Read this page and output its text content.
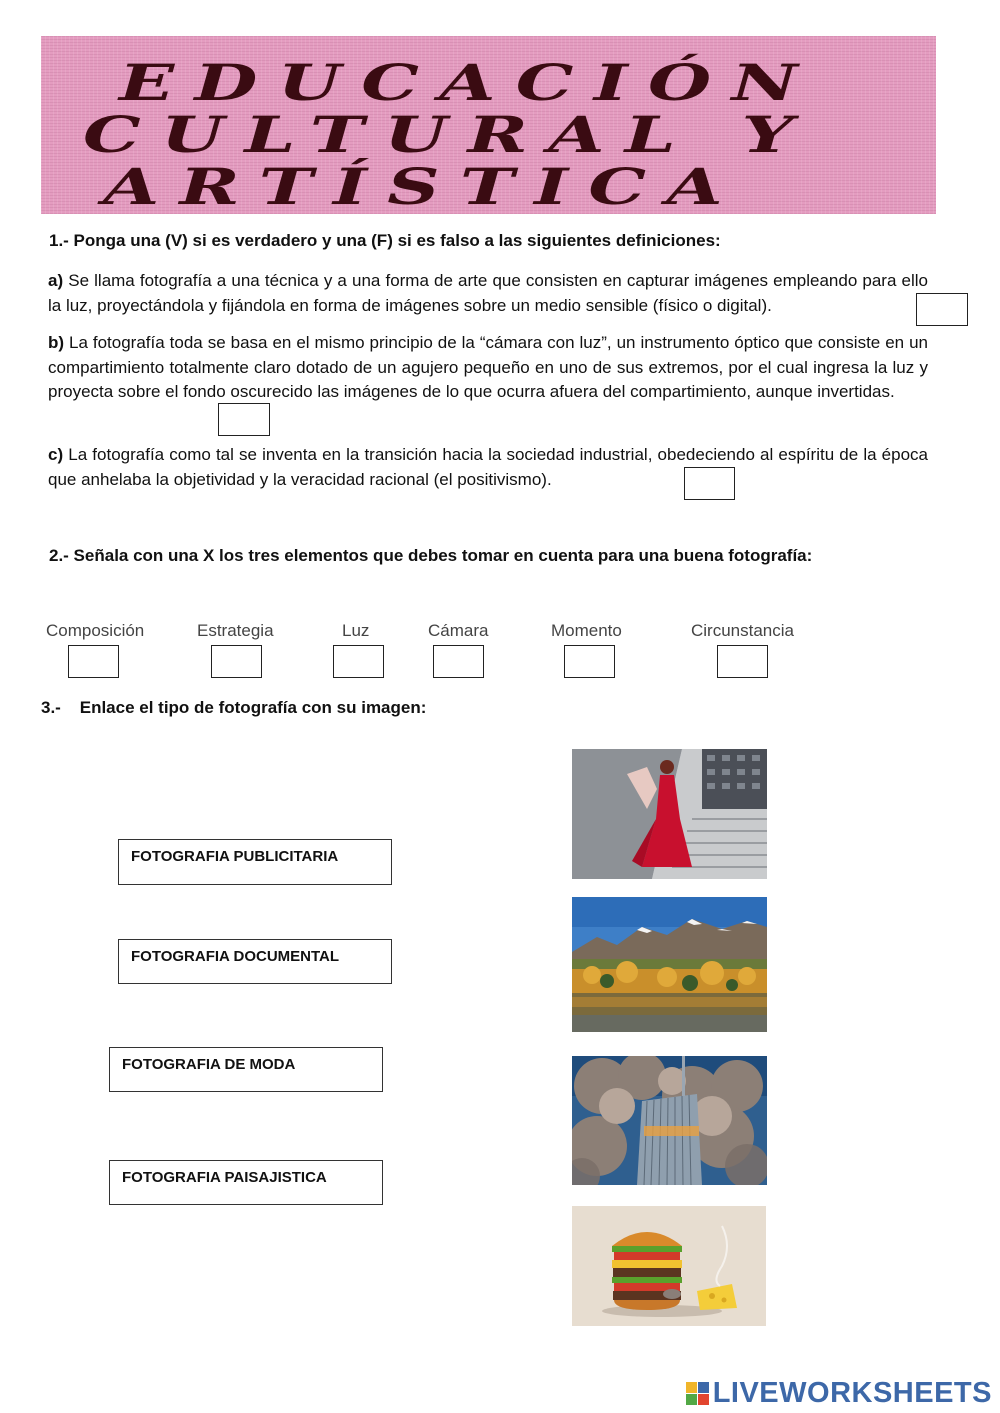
EDUCACIÓN
CULTURAL Y
ARTÍSTICA
1.- Ponga una (V) si es verdadero y una (F) si es falso a las siguientes definiciones:
a) Se llama fotografía a una técnica y a una forma de arte que consisten en capturar imágenes empleando para ello la luz, proyectándola y fijándola en forma de imágenes sobre un medio sensible (físico o digital).
b) La fotografía toda se basa en el mismo principio de la “cámara con luz”, un instrumento óptico que consiste en un compartimiento totalmente claro dotado de un agujero pequeño en uno de sus extremos, por el cual ingresa la luz y proyecta sobre el fondo oscurecido las imágenes de lo que ocurra afuera del compartimiento, aunque invertidas.
c) La fotografía como tal se inventa en la transición hacia la sociedad industrial, obedeciendo al espíritu de la época que anhelaba la objetividad y la veracidad racional (el positivismo).
2.- Señala con una X los tres elementos que debes tomar en cuenta para una buena fotografía:
Composición	Estrategia	Luz	Cámara	Momento	Circunstancia
3.-    Enlace el tipo de fotografía con su imagen:
FOTOGRAFIA PUBLICITARIA
FOTOGRAFIA DOCUMENTAL
FOTOGRAFIA DE MODA
FOTOGRAFIA PAISAJISTICA
LIVEWORKSHEETS
